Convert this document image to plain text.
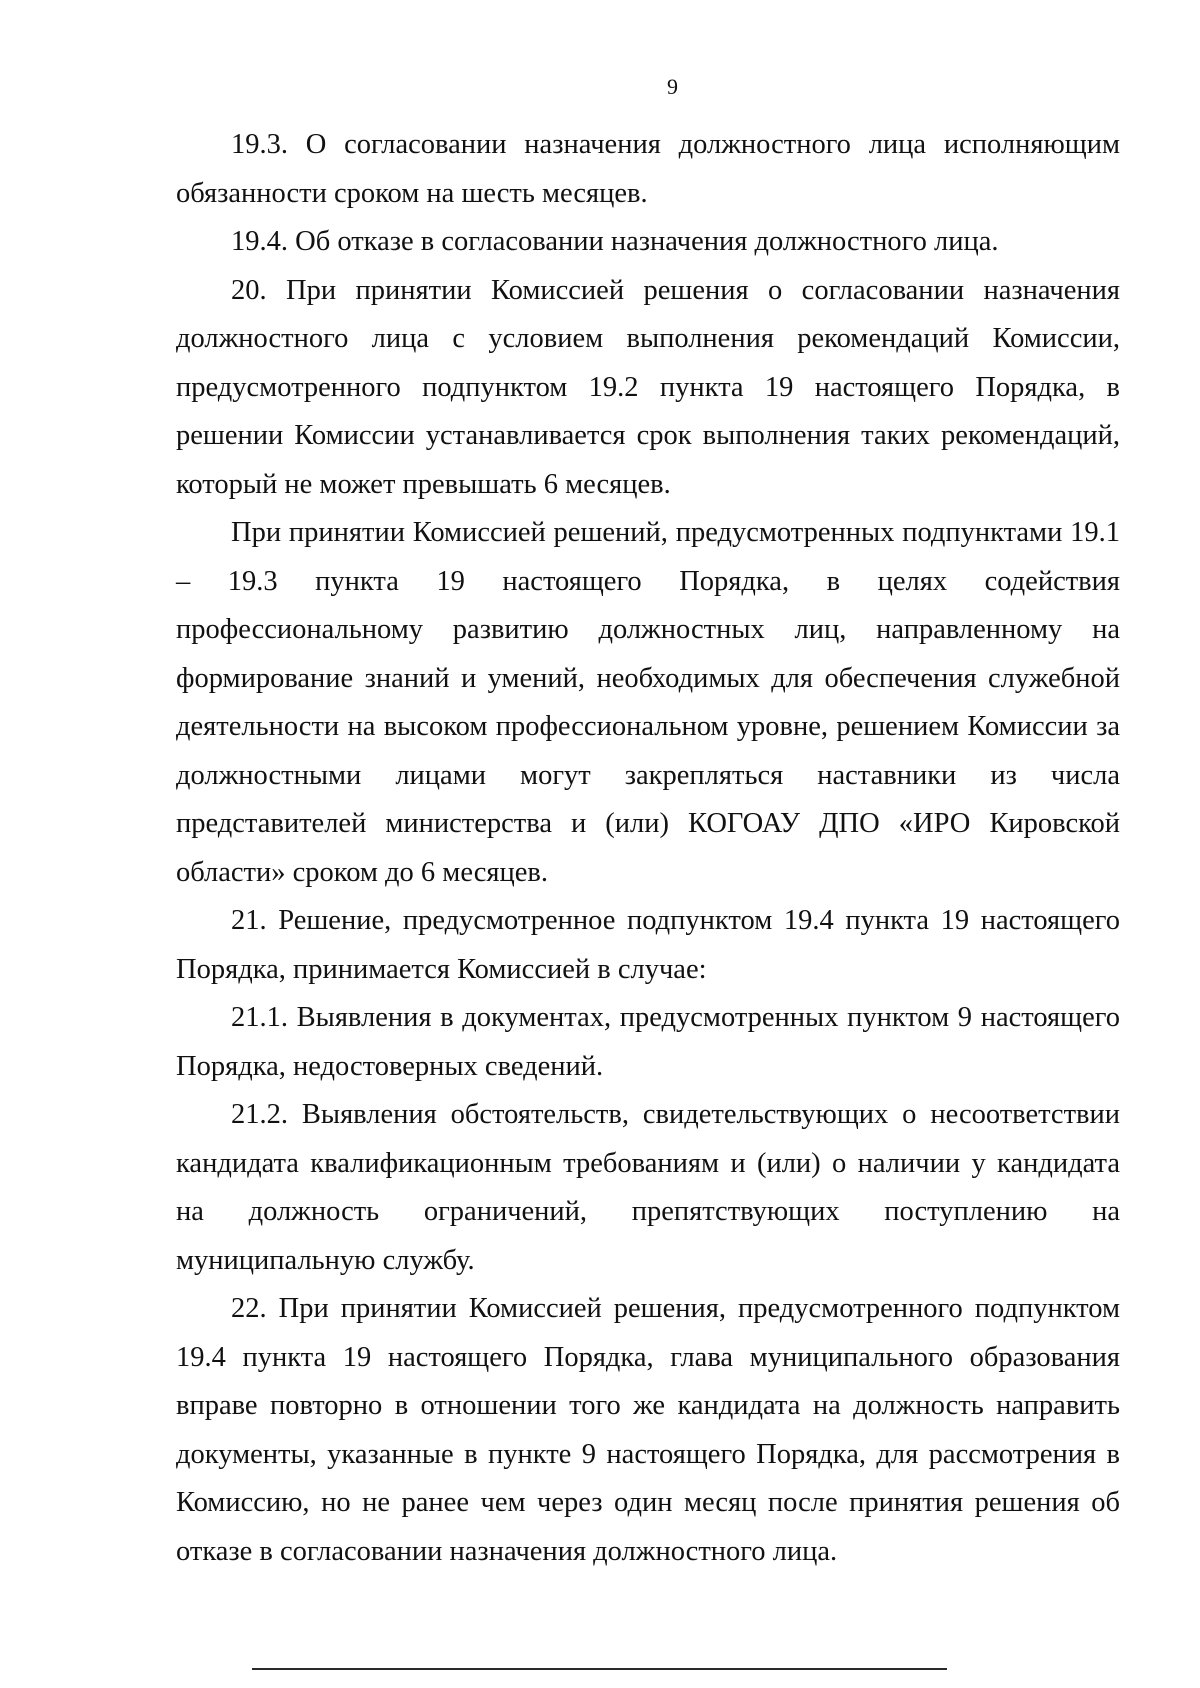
9

19.3. О согласовании назначения должностного лица исполняющим обязанности сроком на шесть месяцев.

19.4. Об отказе в согласовании назначения должностного лица.

20. При принятии Комиссией решения о согласовании назначения должностного лица с условием выполнения рекомендаций Комиссии, предусмотренного подпунктом 19.2 пункта 19 настоящего Порядка, в решении Комиссии устанавливается срок выполнения таких рекомендаций, который не может превышать 6 месяцев.

При принятии Комиссией решений, предусмотренных подпунктами 19.1 – 19.3 пункта 19 настоящего Порядка, в целях содействия профессиональному развитию должностных лиц, направленному на формирование знаний и умений, необходимых для обеспечения служебной деятельности на высоком профессиональном уровне, решением Комиссии за должностными лицами могут закрепляться наставники из числа представителей министерства и (или) КОГОАУ ДПО «ИРО Кировской области» сроком до 6 месяцев.

21. Решение, предусмотренное подпунктом 19.4 пункта 19 настоящего Порядка, принимается Комиссией в случае:

21.1. Выявления в документах, предусмотренных пунктом 9 настоящего Порядка, недостоверных сведений.

21.2. Выявления обстоятельств, свидетельствующих о несоответствии кандидата квалификационным требованиям и (или) о наличии у кандидата на должность ограничений, препятствующих поступлению на муниципальную службу.

22. При принятии Комиссией решения, предусмотренного подпунктом 19.4 пункта 19 настоящего Порядка, глава муниципального образования вправе повторно в отношении того же кандидата на должность направить документы, указанные в пункте 9 настоящего Порядка, для рассмотрения в Комиссию, но не ранее чем через один месяц после принятия решения об отказе в согласовании назначения должностного лица.
